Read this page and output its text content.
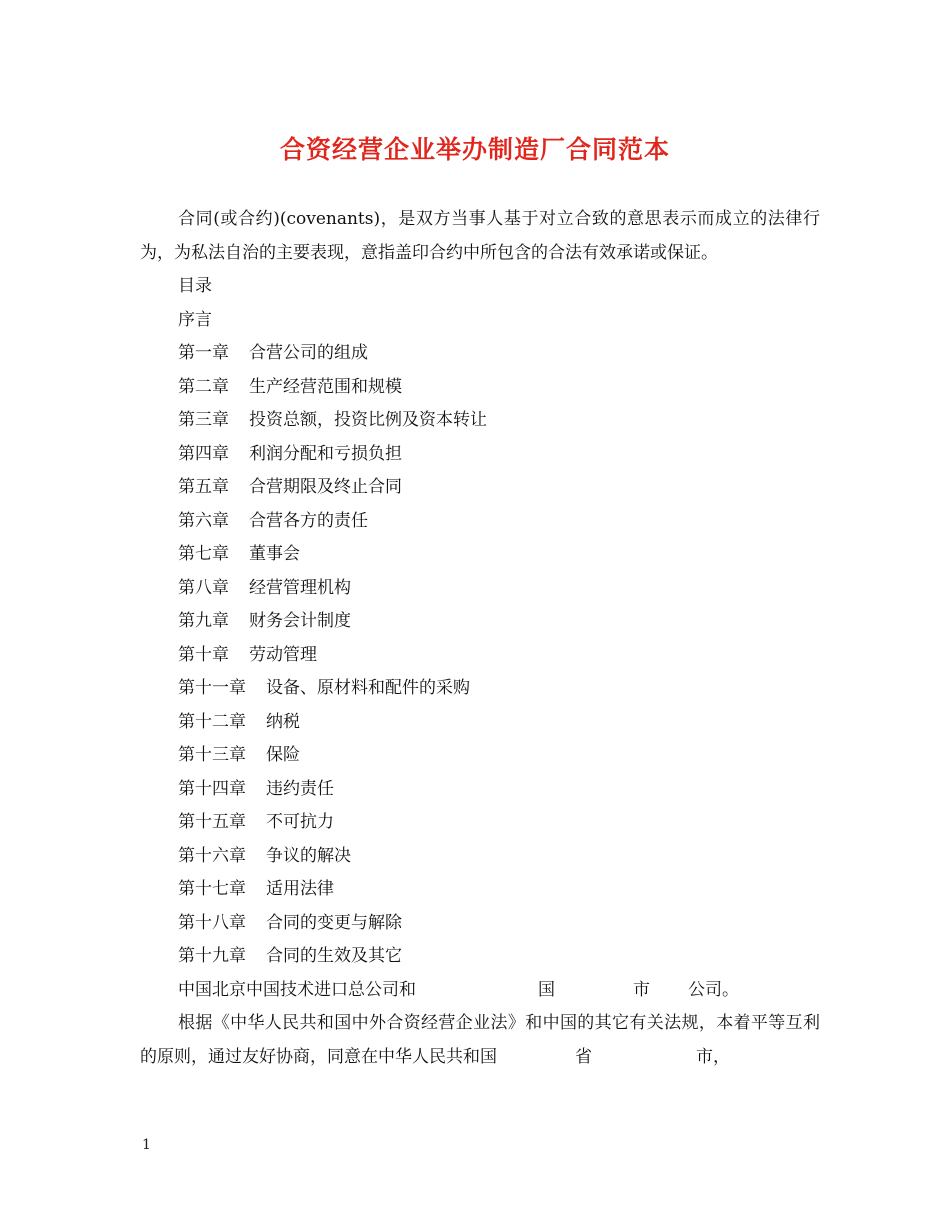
合资经营企业举办制造厂合同范本

合同(或合约)(covenants)，是双方当事人基于对立合致的意思表示而成立的法律行为，为私法自治的主要表现，意指盖印合约中所包含的合法有效承诺或保证。

目录

序言

第一章 合营公司的组成

第二章 生产经营范围和规模

第三章 投资总额，投资比例及资本转让

第四章 利润分配和亏损负担

第五章 合营期限及终止合同

第六章 合营各方的责任

第七章 董事会

第八章 经营管理机构

第九章 财务会计制度

第十章 劳动管理

第十一章 设备、原材料和配件的采购

第十二章 纳税

第十三章 保险

第十四章 违约责任

第十五章 不可抗力

第十六章 争议的解决

第十七章 适用法律

第十八章 合同的变更与解除

第十九章 合同的生效及其它

中国北京中国技术进口总公司和	国	市 公司。

根据《中华人民共和国中外合资经营企业法》和中国的其它有关法规，本着平等互利的原则，通过友好协商，同意在中华人民共和国	省	市，

1
